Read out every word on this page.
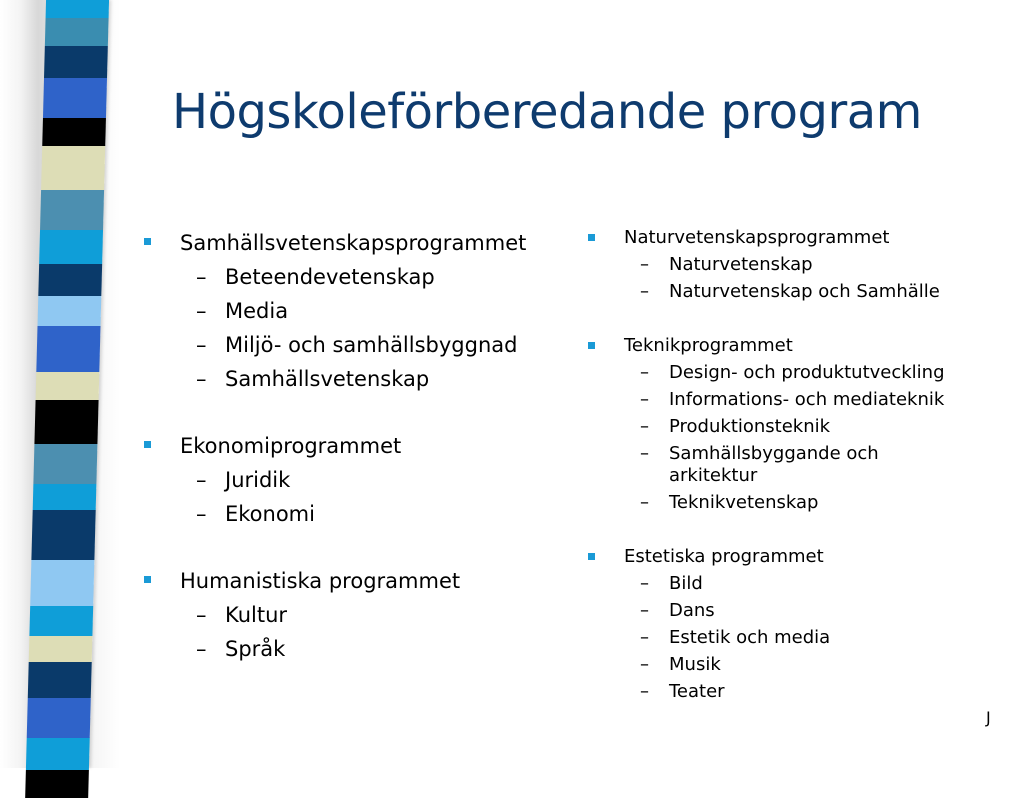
Högskoleförberedande program
Samhällsvetenskapsprogrammet
– Beteendevetenskap
– Media
– Miljö- och samhällsbyggnad
– Samhällsvetenskap
Ekonomiprogrammet
– Juridik
– Ekonomi
Humanistiska programmet
– Kultur
– Språk
Naturvetenskapsprogrammet
– Naturvetenskap
– Naturvetenskap och Samhälle
Teknikprogrammet
– Design- och produktutveckling
– Informations- och mediateknik
– Produktionsteknik
– Samhällsbyggande och arkitektur
– Teknikvetenskap
Estetiska programmet
– Bild
– Dans
– Estetik och media
– Musik
– Teater
J
